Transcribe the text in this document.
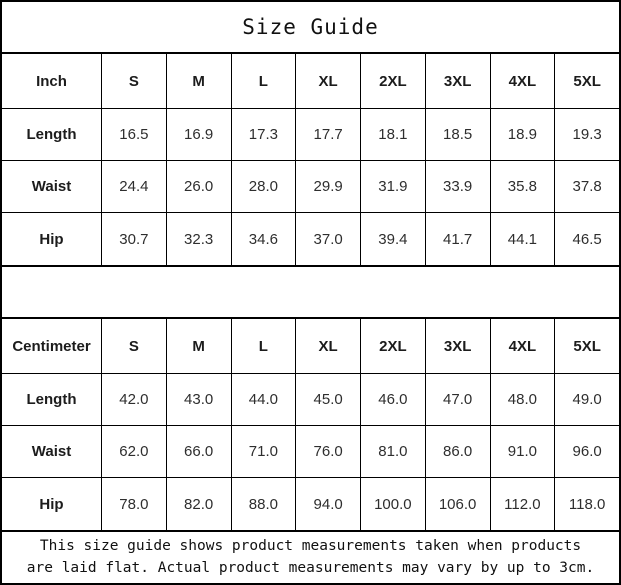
Size Guide
Inch	S	M	L	XL	2XL	3XL	4XL	5XL
Length	16.5	16.9	17.3	17.7	18.1	18.5	18.9	19.3
Waist	24.4	26.0	28.0	29.9	31.9	33.9	35.8	37.8
Hip	30.7	32.3	34.6	37.0	39.4	41.7	44.1	46.5
Centimeter	S	M	L	XL	2XL	3XL	4XL	5XL
Length	42.0	43.0	44.0	45.0	46.0	47.0	48.0	49.0
Waist	62.0	66.0	71.0	76.0	81.0	86.0	91.0	96.0
Hip	78.0	82.0	88.0	94.0	100.0	106.0	112.0	118.0
This size guide shows product measurements taken when products
are laid flat. Actual product measurements may vary by up to 3cm.
